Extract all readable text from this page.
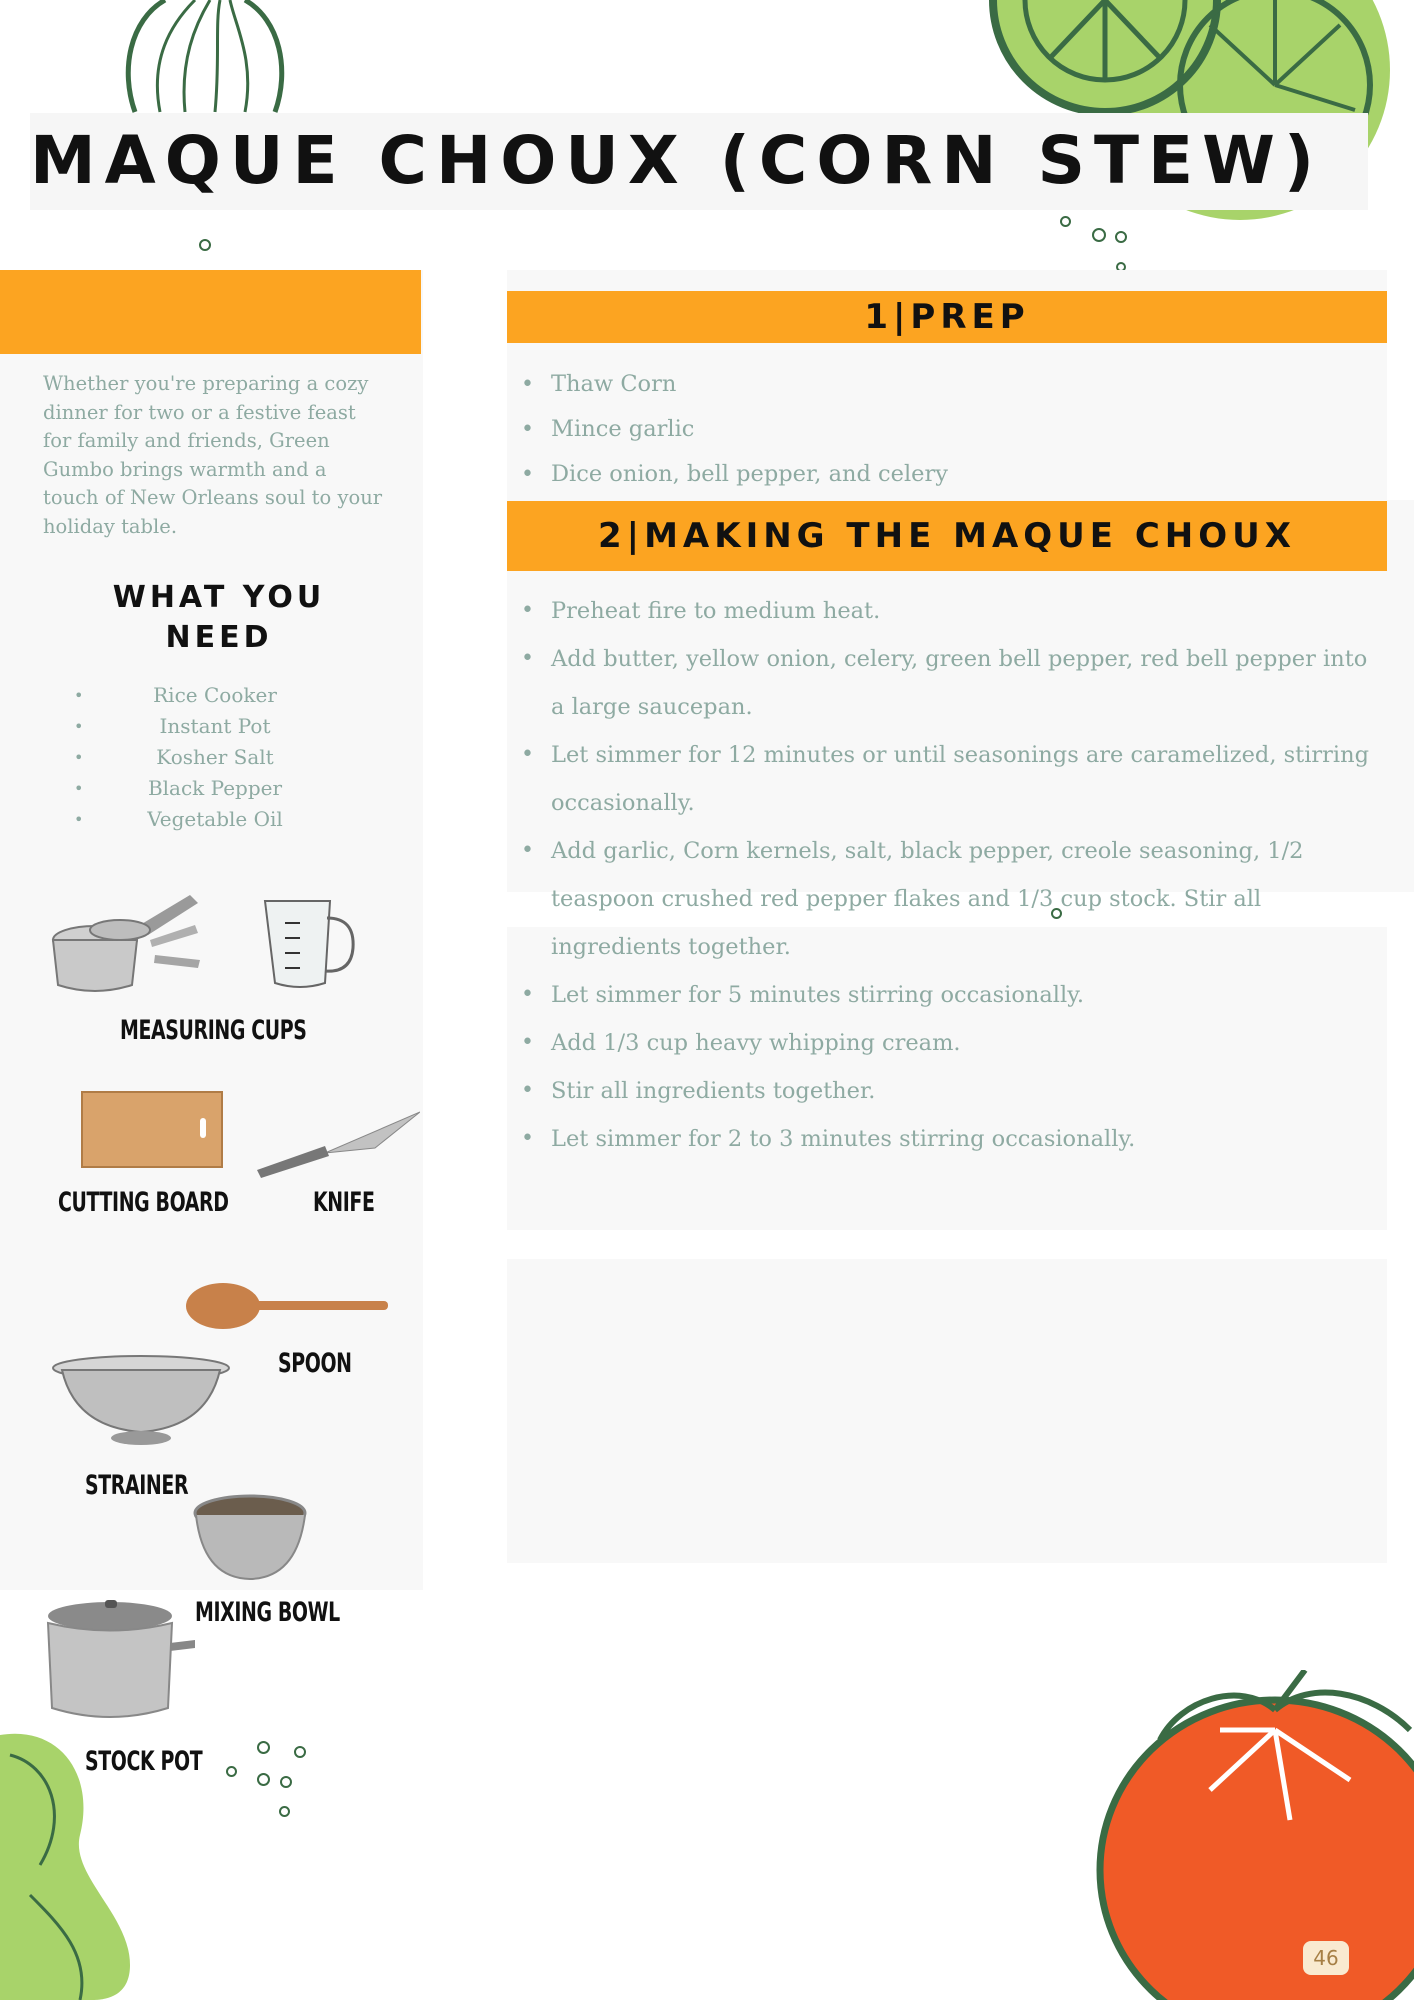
MAQUE CHOUX (CORN STEW)
Whether you're preparing a cozy dinner for two or a festive feast for family and friends, Green Gumbo brings warmth and a touch of New Orleans soul to your holiday table.
WHAT YOU NEED
• Rice Cooker
• Instant Pot
• Kosher Salt
• Black Pepper
• Vegetable Oil
MEASURING CUPS
CUTTING BOARD	KNIFE
SPOON
STRAINER
MIXING BOWL
STOCK POT
1|PREP
• Thaw Corn
• Mince garlic
• Dice onion, bell pepper, and celery
2|MAKING THE MAQUE CHOUX
• Preheat fire to medium heat.
• Add butter, yellow onion, celery, green bell pepper, red bell pepper into a large saucepan.
• Let simmer for 12 minutes or until seasonings are caramelized, stirring occasionally.
• Add garlic, Corn kernels, salt, black pepper, creole seasoning, 1/2 teaspoon crushed red pepper flakes and 1/3 cup stock. Stir all ingredients together.
• Let simmer for 5 minutes stirring occasionally.
• Add 1/3 cup heavy whipping cream.
• Stir all ingredients together.
• Let simmer for 2 to 3 minutes stirring occasionally.
46
